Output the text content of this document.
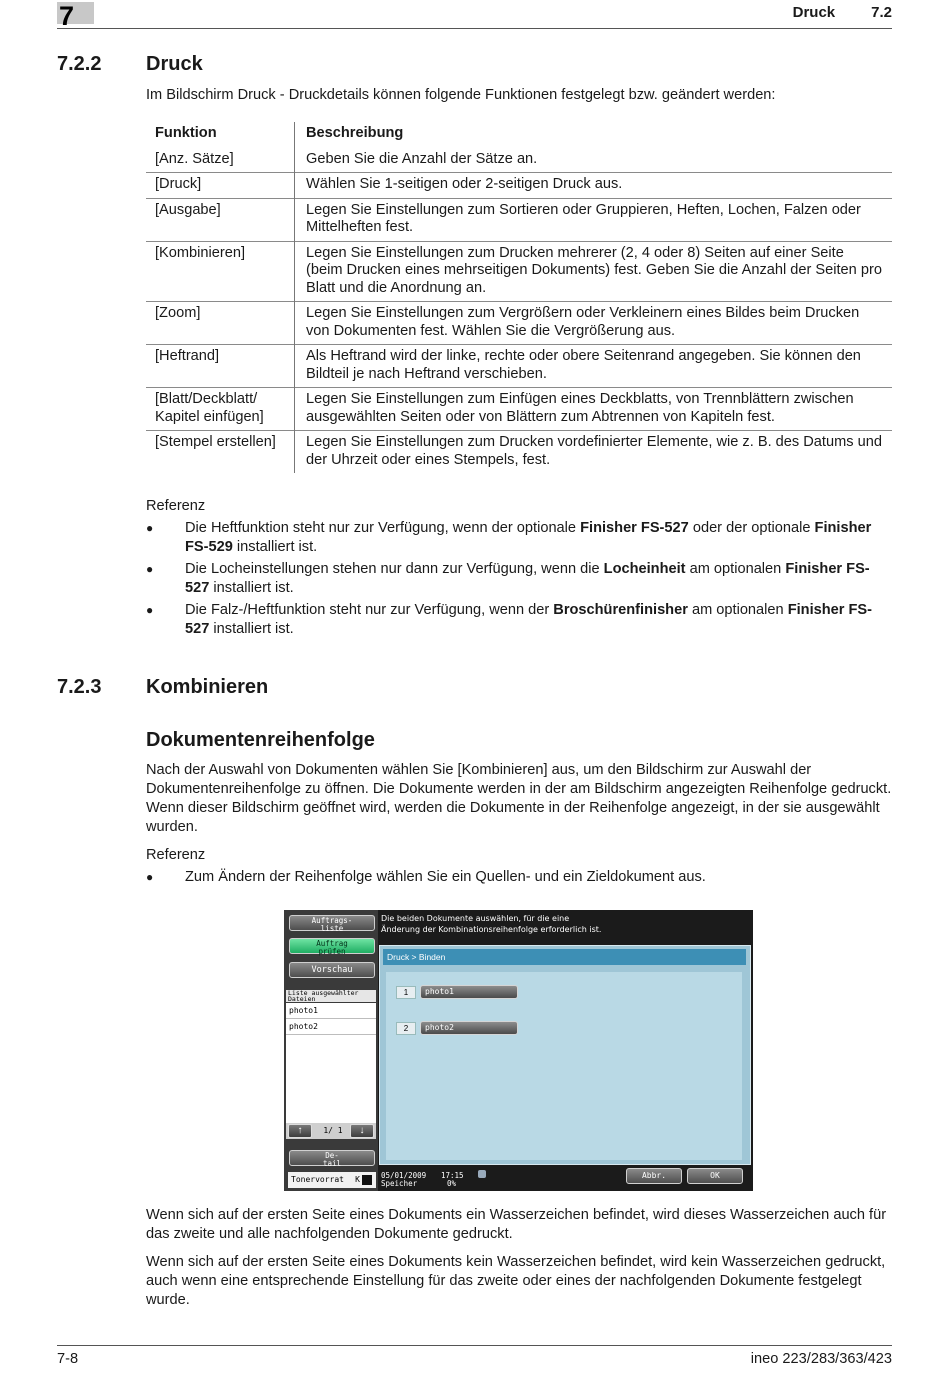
7	Druck 7.2
7.2.2 Druck

Im Bildschirm Druck - Druckdetails können folgende Funktionen festgelegt bzw. geändert werden:

Funktion	Beschreibung
[Anz. Sätze]	Geben Sie die Anzahl der Sätze an.
[Druck]	Wählen Sie 1-seitigen oder 2-seitigen Druck aus.
[Ausgabe]	Legen Sie Einstellungen zum Sortieren oder Gruppieren, Heften, Lochen, Falzen oder Mittelheften fest.
[Kombinieren]	Legen Sie Einstellungen zum Drucken mehrerer (2, 4 oder 8) Seiten auf einer Seite (beim Drucken eines mehrseitigen Dokuments) fest. Geben Sie die Anzahl der Seiten pro Blatt und die Anordnung an.
[Zoom]	Legen Sie Einstellungen zum Vergrößern oder Verkleinern eines Bildes beim Drucken von Dokumenten fest. Wählen Sie die Vergrößerung aus.
[Heftrand]	Als Heftrand wird der linke, rechte oder obere Seitenrand angegeben. Sie können den Bildteil je nach Heftrand verschieben.
[Blatt/Deckblatt/ Kapitel einfügen]	Legen Sie Einstellungen zum Einfügen eines Deckblatts, von Trennblättern zwischen ausgewählten Seiten oder von Blättern zum Abtrennen von Kapiteln fest.
[Stempel erstellen]	Legen Sie Einstellungen zum Drucken vordefinierter Elemente, wie z. B. des Datums und der Uhrzeit oder eines Stempels, fest.

Referenz

● Die Heftfunktion steht nur zur Verfügung, wenn der optionale Finisher FS-527 oder der optionale Finisher FS-529 installiert ist.
● Die Locheinstellungen stehen nur dann zur Verfügung, wenn die Locheinheit am optionalen Finisher FS-527 installiert ist.
● Die Falz-/Heftfunktion steht nur zur Verfügung, wenn der Broschürenfinisher am optionalen Finisher FS-527 installiert ist.
7.2.3 Kombinieren
Dokumentenreihenfolge

Nach der Auswahl von Dokumenten wählen Sie [Kombinieren] aus, um den Bildschirm zur Auswahl der Dokumentenreihenfolge zu öffnen. Die Dokumente werden in der am Bildschirm angezeigten Reihenfolge gedruckt. Wenn dieser Bildschirm geöffnet wird, werden die Dokumente in der Reihenfolge angezeigt, in der sie ausgewählt wurden.

Referenz

● Zum Ändern der Reihenfolge wählen Sie ein Quellen- und ein Zieldokument aus.
Auftrags-
liste
Auftrag
prüfen
Vorschau
Liste ausgewählter
Dateien
photo1
photo2
↑	1/ 1	↓
De-
tail
Tonervorrat K
Die beiden Dokumente auswählen, für die eine
Änderung der Kombinationsreihenfolge erforderlich ist.
Druck > Binden
1	photo1
2	photo2
05/01/2009 17:15
Speicher	0%
Abbr.	OK

Wenn sich auf der ersten Seite eines Dokuments ein Wasserzeichen befindet, wird dieses Wasserzeichen auch für das zweite und alle nachfolgenden Dokumente gedruckt.

Wenn sich auf der ersten Seite eines Dokuments kein Wasserzeichen befindet, wird kein Wasserzeichen gedruckt, auch wenn eine entsprechende Einstellung für das zweite oder eines der nachfolgenden Dokumente festgelegt wurde.

7-8	ineo 223/283/363/423
